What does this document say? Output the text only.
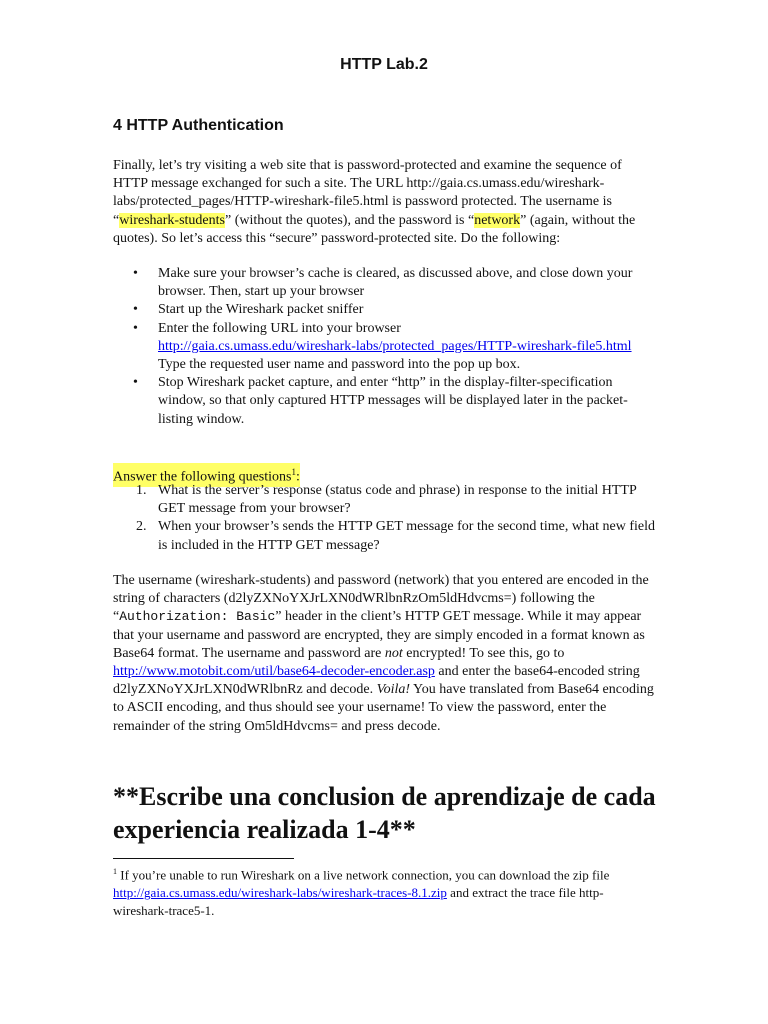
HTTP Lab.2
4 HTTP Authentication

Finally, let’s try visiting a web site that is password-protected and examine the sequence of HTTP message exchanged for such a site. The URL http://gaia.cs.umass.edu/wireshark-labs/protected_pages/HTTP-wireshark-file5.html is password protected. The username is “wireshark-students” (without the quotes), and the password is “network” (again, without the quotes). So let’s access this “secure” password-protected site. Do the following:

• Make sure your browser’s cache is cleared, as discussed above, and close down your browser. Then, start up your browser
• Start up the Wireshark packet sniffer
• Enter the following URL into your browser
http://gaia.cs.umass.edu/wireshark-labs/protected_pages/HTTP-wireshark-file5.html
Type the requested user name and password into the pop up box.
• Stop Wireshark packet capture, and enter “http” in the display-filter-specification window, so that only captured HTTP messages will be displayed later in the packet-listing window.
Answer the following questions$^1$:
1. What is the server’s response (status code and phrase) in response to the initial HTTP GET message from your browser?
2. When your browser’s sends the HTTP GET message for the second time, what new field is included in the HTTP GET message?

The username (wireshark-students) and password (network) that you entered are encoded in the string of characters (d2lyZXNoYXJrLXN0dWRlbnRzOm5ldHdvcms=) following the “Authorization: Basic” header in the client’s HTTP GET message. While it may appear that your username and password are encrypted, they are simply encoded in a format known as Base64 format. The username and password are not encrypted! To see this, go to http://www.motobit.com/util/base64-decoder-encoder.asp and enter the base64-encoded string d2lyZXNoYXJrLXN0dWRlbnRz and decode. Voila! You have translated from Base64 encoding to ASCII encoding, and thus should see your username! To view the password, enter the remainder of the string Om5ldHdvcms= and press decode.

**Escribe una conclusion de aprendizaje de cada experiencia realizada 1-4**

$^1$ If you’re unable to run Wireshark on a live network connection, you can download the zip file http://gaia.cs.umass.edu/wireshark-labs/wireshark-traces-8.1.zip and extract the trace file http-wireshark-trace5-1.
